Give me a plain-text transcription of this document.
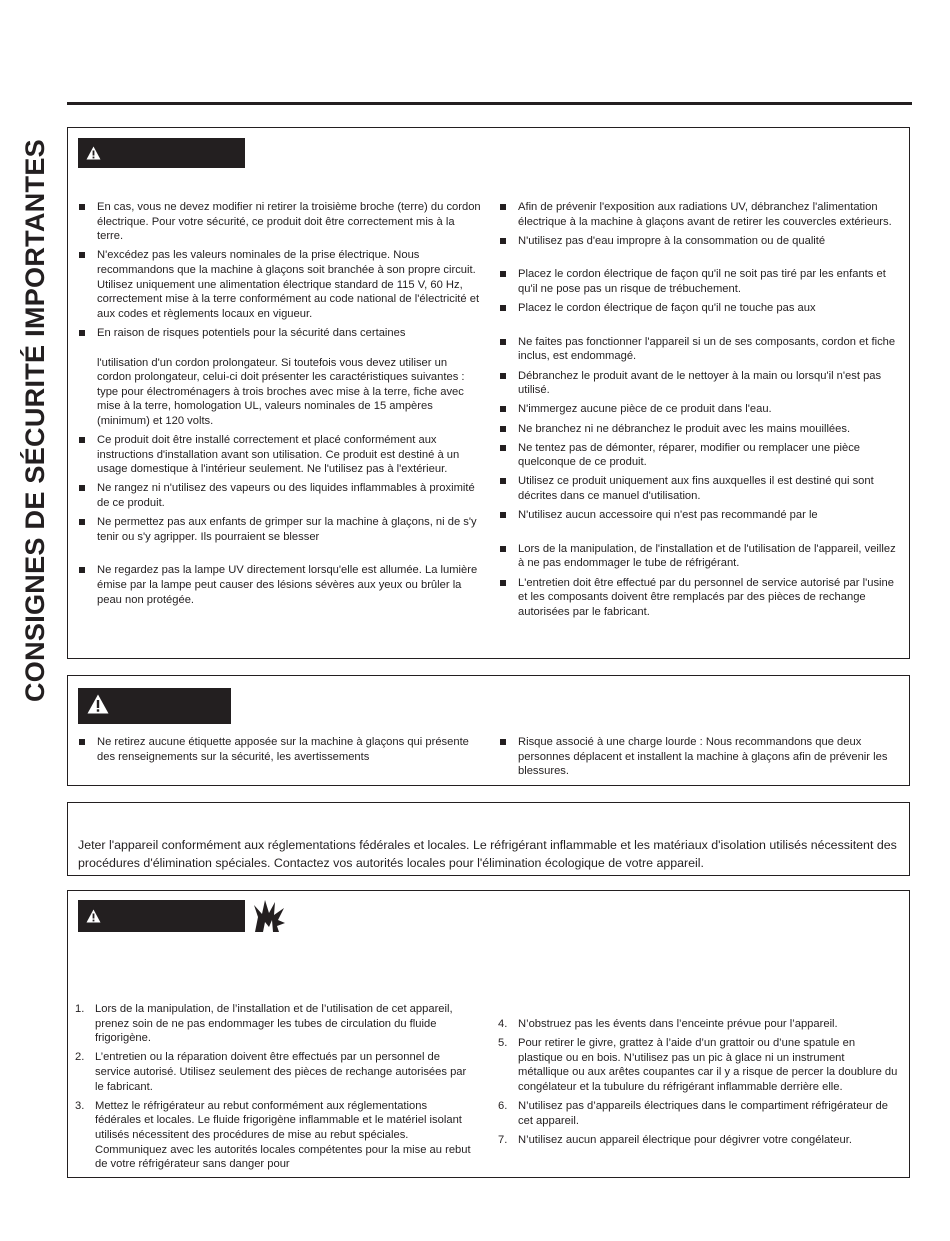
CONSIGNES DE SÉCURITÉ IMPORTANTES	En cas, vous ne devez modifier ni retirer la troisième broche (terre) du cordon électrique. Pour votre sécurité, ce produit doit être correctement mis à la terre.
N'excédez pas les valeurs nominales de la prise électrique. Nous recommandons que la machine à glaçons soit branchée à son propre circuit. Utilisez uniquement une alimentation électrique standard de 115 V, 60 Hz, correctement mise à la terre conformément au code national de l'électricité et aux codes et règlements locaux en vigueur.
En raison de risques potentiels pour la sécurité dans certaines
l'utilisation d'un cordon prolongateur. Si toutefois vous devez utiliser un cordon prolongateur, celui-ci doit présenter les caractéristiques suivantes : type pour électroménagers à trois broches avec mise à la terre, fiche avec mise à la terre, homologation UL, valeurs nominales de 15 ampères (minimum) et 120 volts.
Ce produit doit être installé correctement et placé conformément aux instructions d'installation avant son utilisation. Ce produit est destiné à un usage domestique à l'intérieur seulement. Ne l'utilisez pas à l'extérieur.
Ne rangez ni n'utilisez des vapeurs ou des liquides inflammables à proximité de ce produit.
Ne permettez pas aux enfants de grimper sur la machine à glaçons, ni de s'y tenir ou s'y agripper. Ils pourraient se blesser
Ne regardez pas la lampe UV directement lorsqu'elle est allumée. La lumière émise par la lampe peut causer des lésions sévères aux yeux ou brûler la peau non protégée.
Afin de prévenir l'exposition aux radiations UV, débranchez l'alimentation électrique à la machine à glaçons avant de retirer les couvercles extérieurs.
N'utilisez pas d'eau impropre à la consommation ou de qualité
Placez le cordon électrique de façon qu'il ne soit pas tiré par les enfants et qu'il ne pose pas un risque de trébuchement.
Placez le cordon électrique de façon qu'il ne touche pas aux
Ne faites pas fonctionner l'appareil si un de ses composants, cordon et fiche inclus, est endommagé.
Débranchez le produit avant de le nettoyer à la main ou lorsqu'il n'est pas utilisé.
N'immergez aucune pièce de ce produit dans l'eau.
Ne branchez ni ne débranchez le produit avec les mains mouillées.
Ne tentez pas de démonter, réparer, modifier ou remplacer une pièce quelconque de ce produit.
Utilisez ce produit uniquement aux fins auxquelles il est destiné qui sont décrites dans ce manuel d'utilisation.
N'utilisez aucun accessoire qui n'est pas recommandé par le
Lors de la manipulation, de l'installation et de l'utilisation de l'appareil, veillez à ne pas endommager le tube de réfrigérant.
L'entretien doit être effectué par du personnel de service autorisé par l'usine et les composants doivent être remplacés par des pièces de rechange autorisées par le fabricant.
Ne retirez aucune étiquette apposée sur la machine à glaçons qui présente des renseignements sur la sécurité, les avertissements
Risque associé à une charge lourde : Nous recommandons que deux personnes déplacent et installent la machine à glaçons afin de prévenir les blessures.
Jeter l'appareil conformément aux réglementations fédérales et locales. Le réfrigérant inflammable et les matériaux d'isolation utilisés nécessitent des procédures d'élimination spéciales. Contactez vos autorités locales pour l'élimination écologique de votre appareil.
1. Lors de la manipulation, de l’installation et de l’utilisation de cet appareil, prenez soin de ne pas endommager les tubes de circulation du fluide frigorigène.
2. L’entretien ou la réparation doivent être effectués par un personnel de service autorisé. Utilisez seulement des pièces de rechange autorisées par le fabricant.
3. Mettez le réfrigérateur au rebut conformément aux réglementations fédérales et locales. Le fluide frigorigène inflammable et le matériel isolant utilisés nécessitent des procédures de mise au rebut spéciales. Communiquez avec les autorités locales compétentes pour la mise au rebut de votre réfrigérateur sans danger pour
4. N’obstruez pas les évents dans l’enceinte prévue pour l’appareil.
5. Pour retirer le givre, grattez à l’aide d’un grattoir ou d’une spatule en plastique ou en bois. N’utilisez pas un pic à glace ni un instrument métallique ou aux arêtes coupantes car il y a risque de percer la doublure du congélateur et la tubulure du réfrigérant inflammable derrière elle.
6. N’utilisez pas d’appareils électriques dans le compartiment réfrigérateur de cet appareil.
7. N’utilisez aucun appareil électrique pour dégivrer votre congélateur.
